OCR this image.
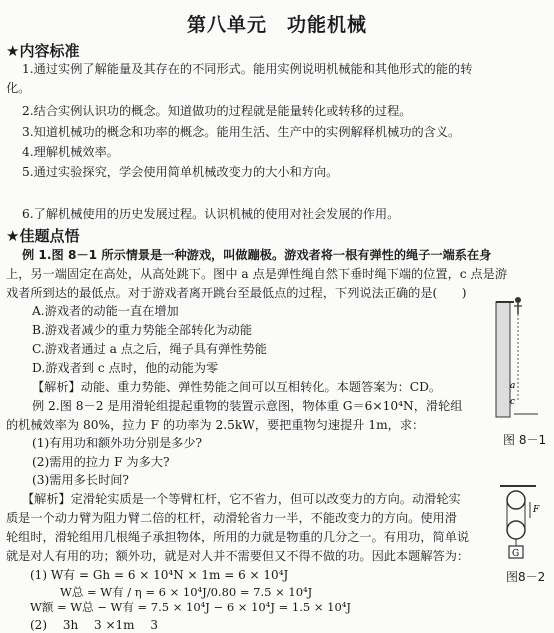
第八单元　功能机械
★内容标准
1.通过实例了解能量及其存在的不同形式。能用实例说明机械能和其他形式的能的转
化。
2.结合实例认识功的概念。知道做功的过程就是能量转化或转移的过程。
3.知道机械功的概念和功率的概念。能用生活、生产中的实例解释机械功的含义。
4.理解机械效率。
5.通过实验探究，学会使用简单机械改变力的大小和方向。
6.了解机械使用的历史发展过程。认识机械的使用对社会发展的作用。
★佳题点悟
例 1.图 8－1 所示情景是一种游戏，叫做蹦极。游戏者将一根有弹性的绳子一端系在身
上，另一端固定在高处，从高处跳下。图中 a 点是弹性绳自然下垂时绳下端的位置，c 点是游
戏者所到达的最低点。对于游戏者离开跳台至最低点的过程，下列说法正确的是(　　)
A.游戏者的动能一直在增加
B.游戏者减少的重力势能全部转化为动能
C.游戏者通过 a 点之后，绳子具有弹性势能
D.游戏者到 c 点时，他的动能为零
【解析】动能、重力势能、弹性势能之间可以互相转化。本题答案为：CD。
例 2.图 8－2 是用滑轮组提起重物的装置示意图，物体重 G＝6×10⁴N，滑轮组
的机械效率为 80%，拉力 F 的功率为 2.5kW，要把重物匀速提升 1m，求：
(1)有用功和额外功分别是多少?
(2)需用的拉力 F 为多大?
(3)需用多长时间?
【解析】定滑轮实质是一个等臂杠杆，它不省力，但可以改变力的方向。动滑轮实
质是一个动力臂为阻力臂二倍的杠杆，动滑轮省力一半，不能改变力的方向。使用滑
轮组时，滑轮组用几根绳子承担物体，所用的力就是物重的几分之一。有用功，简单说
就是对人有用的功；额外功，就是对人并不需要但又不得不做的功。因此本题解答为：
(1) W有 = Gh = 6 × 10⁴N × 1m = 6 × 10⁴J
W总 = W有 / η = 6 × 10⁴J/0.80 = 7.5 × 10⁴J
W额 = W总 − W有 = 7.5 × 10⁴J − 6 × 10⁴J = 1.5 × 10⁴J
(2)　 3h　 3 ×1m　 3
a
c
图 8－1
F
G
图8－2
